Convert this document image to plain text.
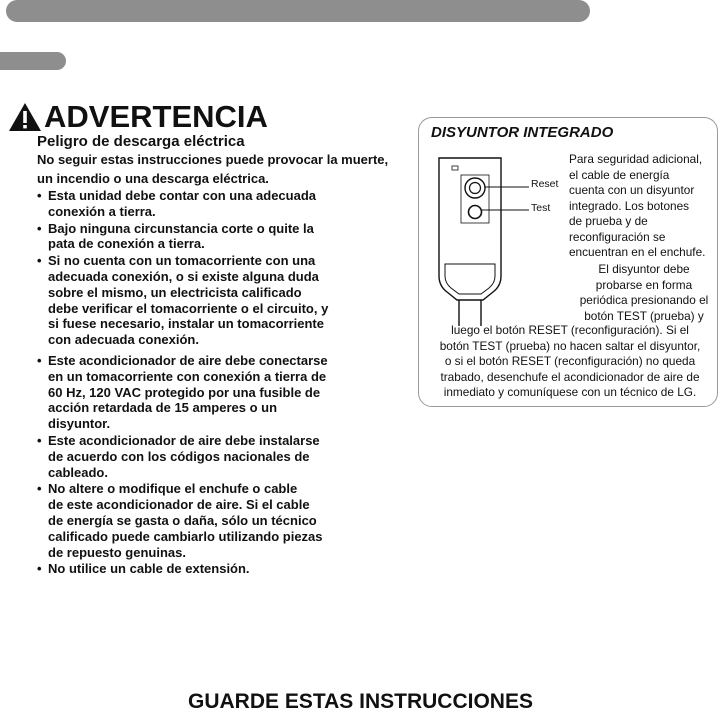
ADVERTENCIA
Peligro de descarga eléctrica
No seguir estas instrucciones puede provocar la muerte,
un incendio o una descarga eléctrica.
• Esta unidad debe contar con una adecuada
conexión a tierra.
• Bajo ninguna circunstancia corte o quite la
pata de conexión a tierra.
• Si no cuenta con un tomacorriente con una
adecuada conexión, o si existe alguna duda
sobre el mismo, un electricista calificado
debe verificar el tomacorriente o el circuito, y
si fuese necesario, instalar un tomacorriente
con adecuada conexión.
• Este acondicionador de aire debe conectarse
en un tomacorriente con conexión a tierra de
60 Hz, 120 VAC protegido por una fusible de
acción retardada de 15 amperes o un
disyuntor.
• Este acondicionador de aire debe instalarse
de acuerdo con los códigos nacionales de
cableado.
• No altere o modifique el enchufe o cable
de este acondicionador de aire. Si el cable
de energía se gasta o daña, sólo un técnico
calificado puede cambiarlo utilizando piezas
de repuesto genuinas.
• No utilice un cable de extensión.
DISYUNTOR INTEGRADO
Reset
Test
Para seguridad adicional,
el cable de energía
cuenta con un disyuntor
integrado. Los botones
de prueba y de
reconfiguración se
encuentran en el enchufe.
El disyuntor debe
probarse en forma
periódica presionando el
botón TEST (prueba) y
luego el botón RESET (reconfiguración). Si el
botón TEST (prueba) no hacen saltar el disyuntor,
o si el botón RESET (reconfiguración) no queda
trabado, desenchufe el acondicionador de aire de
inmediato y comuníquese con un técnico de LG.
GUARDE ESTAS INSTRUCCIONES
